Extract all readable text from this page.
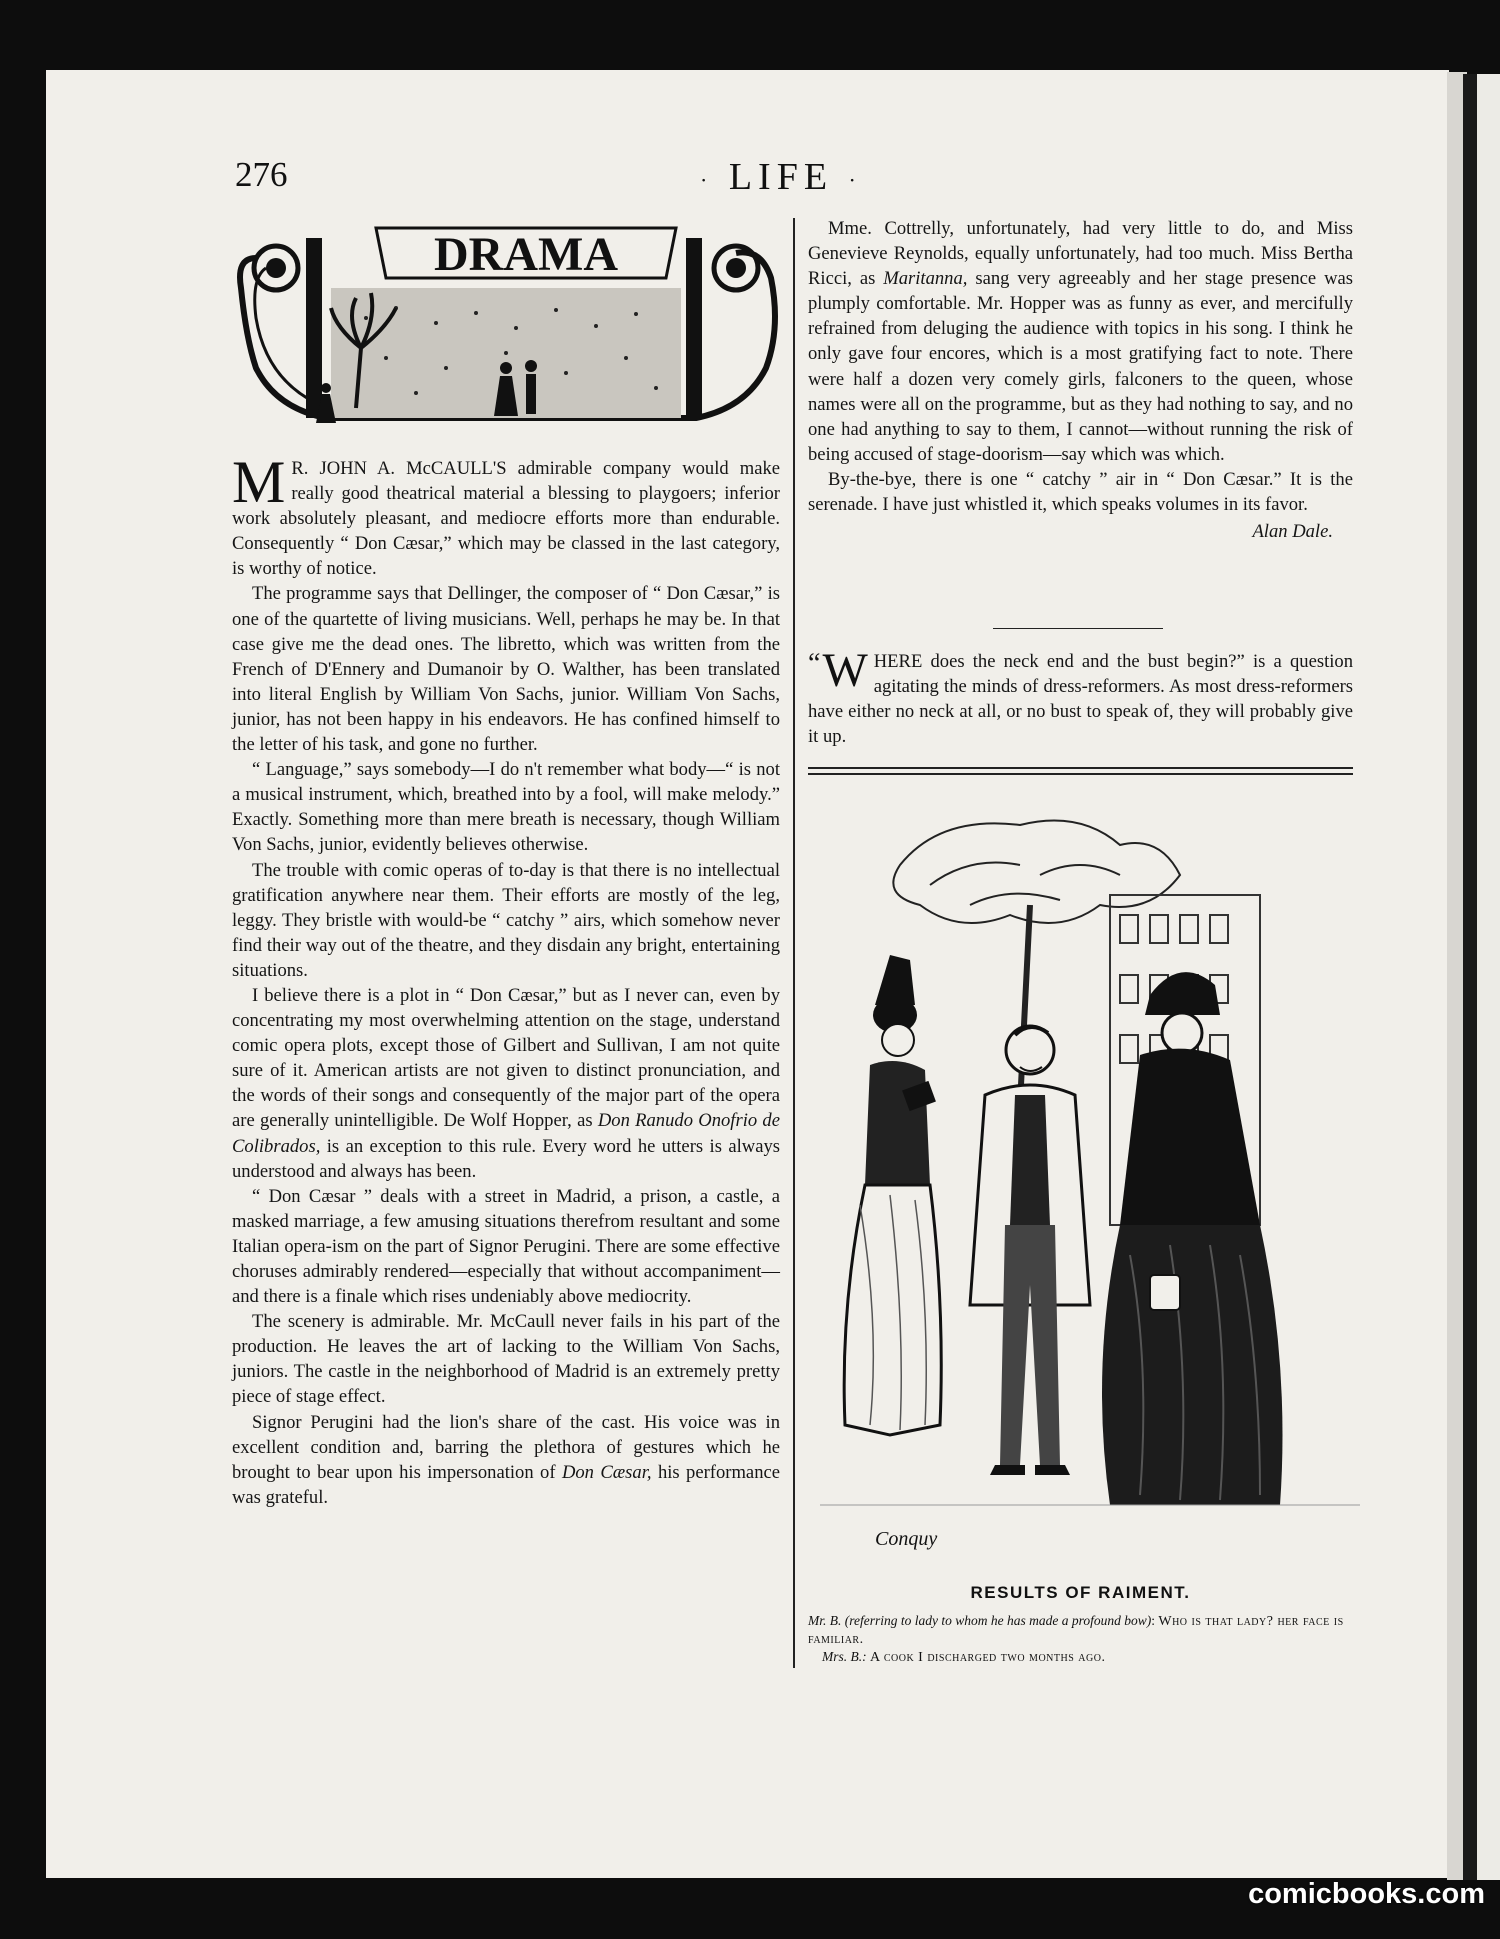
276	· LIFE ·
DRAMA

M R. JOHN A. McCAULL'S admirable company would make really good theatrical material a blessing to playgoers; inferior work absolutely pleasant, and mediocre efforts more than endurable. Consequently “ Don Cæsar,” which may be classed in the last category, is worthy of notice.

The programme says that Dellinger, the composer of “ Don Cæsar,” is one of the quartette of living musicians. Well, perhaps he may be. In that case give me the dead ones. The libretto, which was written from the French of D'Ennery and Dumanoir by O. Walther, has been translated into literal English by William Von Sachs, junior. William Von Sachs, junior, has not been happy in his endeavors. He has confined himself to the letter of his task, and gone no further.

“ Language,” says somebody—I do n't remember what body—“ is not a musical instrument, which, breathed into by a fool, will make melody.” Exactly. Something more than mere breath is necessary, though William Von Sachs, junior, evidently believes otherwise.

The trouble with comic operas of to-day is that there is no intellectual gratification anywhere near them. Their efforts are mostly of the leg, leggy. They bristle with would-be “ catchy ” airs, which somehow never find their way out of the theatre, and they disdain any bright, entertaining situations.

I believe there is a plot in “ Don Cæsar,” but as I never can, even by concentrating my most overwhelming attention on the stage, understand comic opera plots, except those of Gilbert and Sullivan, I am not quite sure of it. American artists are not given to distinct pronunciation, and the words of their songs and consequently of the major part of the opera are generally unintelligible. De Wolf Hopper, as Don Ranudo Onofrio de Colibrados, is an exception to this rule. Every word he utters is always understood and always has been.

“ Don Cæsar ” deals with a street in Madrid, a prison, a castle, a masked marriage, a few amusing situations therefrom resultant and some Italian opera-ism on the part of Signor Perugini. There are some effective choruses admirably rendered—especially that without accompaniment—and there is a finale which rises undeniably above mediocrity.

The scenery is admirable. Mr. McCaull never fails in his part of the production. He leaves the art of lacking to the William Von Sachs, juniors. The castle in the neighborhood of Madrid is an extremely pretty piece of stage effect.

Signor Perugini had the lion's share of the cast. His voice was in excellent condition and, barring the plethora of gestures which he brought to bear upon his impersonation of Don Cæsar, his performance was grateful.

Mme. Cottrelly, unfortunately, had very little to do, and Miss Genevieve Reynolds, equally unfortunately, had too much. Miss Bertha Ricci, as Maritanna, sang very agreeably and her stage presence was plumply comfortable. Mr. Hopper was as funny as ever, and mercifully refrained from deluging the audience with topics in his song. I think he only gave four encores, which is a most gratifying fact to note. There were half a dozen very comely girls, falconers to the queen, whose names were all on the programme, but as they had nothing to say, and no one had anything to say to them, I cannot—without running the risk of being accused of stage-doorism—say which was which.

By-the-bye, there is one “ catchy ” air in “ Don Cæsar.” It is the serenade. I have just whistled it, which speaks volumes in its favor.

Alan Dale.

“ W HERE does the neck end and the bust begin?” is a question agitating the minds of dress-reformers. As most dress-reformers have either no neck at all, or no bust to speak of, they will probably give it up.

Conquy
RESULTS OF RAIMENT.
Mr. B. (referring to lady to whom he has made a profound bow): Who is that lady? her face is familiar.
Mrs. B.: A cook I discharged two months ago.
comicbooks.com
